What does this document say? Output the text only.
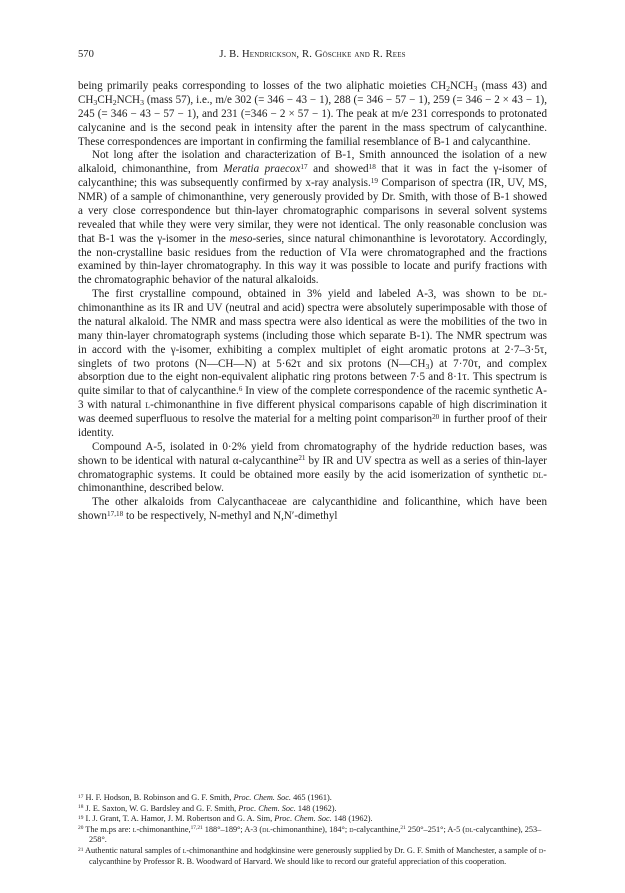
570	J. B. Hendrickson, R. Göschke and R. Rees

being primarily peaks corresponding to losses of the two aliphatic moieties $CH_2NCH_3$ (mass 43) and $CH_3CH_2NCH_3$ (mass 57), i.e., m/e 302 (= 346 − 43 − 1), 288 (= 346 − 57 − 1), 259 (= 346 − 2 × 43 − 1), 245 (= 346 − 43 − 57 − 1), and 231 (=346 − 2 × 57 − 1). The peak at m/e 231 corresponds to protonated calycanine and is the second peak in intensity after the parent in the mass spectrum of calycanthine. These correspondences are important in confirming the familial resemblance of B-1 and calycanthine.

Not long after the isolation and characterization of B-1, Smith announced the isolation of a new alkaloid, chimonanthine, from Meratia praecox$^{17}$ and showed$^{18}$ that it was in fact the γ-isomer of calycanthine; this was subsequently confirmed by x-ray analysis.$^{19}$ Comparison of spectra (IR, UV, MS, NMR) of a sample of chimonanthine, very generously provided by Dr. Smith, with those of B-1 showed a very close correspondence but thin-layer chromatographic comparisons in several solvent systems revealed that while they were very similar, they were not identical. The only reasonable conclusion was that B-1 was the γ-isomer in the meso-series, since natural chimonanthine is levorotatory. Accordingly, the non-crystalline basic residues from the reduction of VIa were chromatographed and the fractions examined by thin-layer chromatography. In this way it was possible to locate and purify fractions with the chromatographic behavior of the natural alkaloids.

The first crystalline compound, obtained in 3% yield and labeled A-3, was shown to be dl-chimonanthine as its IR and UV (neutral and acid) spectra were absolutely superimposable with those of the natural alkaloid. The NMR and mass spectra were also identical as were the mobilities of the two in many thin-layer chromatograph systems (including those which separate B-1). The NMR spectrum was in accord with the γ-isomer, exhibiting a complex multiplet of eight aromatic protons at 2·7–3·5τ, singlets of two protons (N—CH—N) at 5·62τ and six protons $(N—CH_3)$ at 7·70τ, and complex absorption due to the eight non-equivalent aliphatic ring protons between 7·5 and 8·1τ. This spectrum is quite similar to that of calycanthine.$^6$ In view of the complete correspondence of the racemic synthetic A-3 with natural l-chimonanthine in five different physical comparisons capable of high discrimination it was deemed superfluous to resolve the material for a melting point comparison$^{20}$ in further proof of their identity.

Compound A-5, isolated in 0·2% yield from chromatography of the hydride reduction bases, was shown to be identical with natural α-calycanthine$^{21}$ by IR and UV spectra as well as a series of thin-layer chromatographic systems. It could be obtained more easily by the acid isomerization of synthetic dl-chimonanthine, described below.

The other alkaloids from Calycanthaceae are calycanthidine and folicanthine, which have been shown$^{17,18}$ to be respectively, N-methyl and N,N′-dimethyl

$^{17}$ H. F. Hodson, B. Robinson and G. F. Smith, Proc. Chem. Soc. 465 (1961).
$^{18}$ J. E. Saxton, W. G. Bardsley and G. F. Smith, Proc. Chem. Soc. 148 (1962).
$^{19}$ I. J. Grant, T. A. Hamor, J. M. Robertson and G. A. Sim, Proc. Chem. Soc. 148 (1962).
$^{20}$ The m.ps are: l-chimonanthine,$^{17,21}$ 188°–189°; A-3 (dl-chimonanthine), 184°; d-calycanthine,$^{21}$ 250°–251°; A-5 (dl-calycanthine), 253–258°.
$^{21}$ Authentic natural samples of l-chimonanthine and hodgkinsine were generously supplied by Dr. G. F. Smith of Manchester, a sample of d-calycanthine by Professor R. B. Woodward of Harvard. We should like to record our grateful appreciation of this cooperation.
